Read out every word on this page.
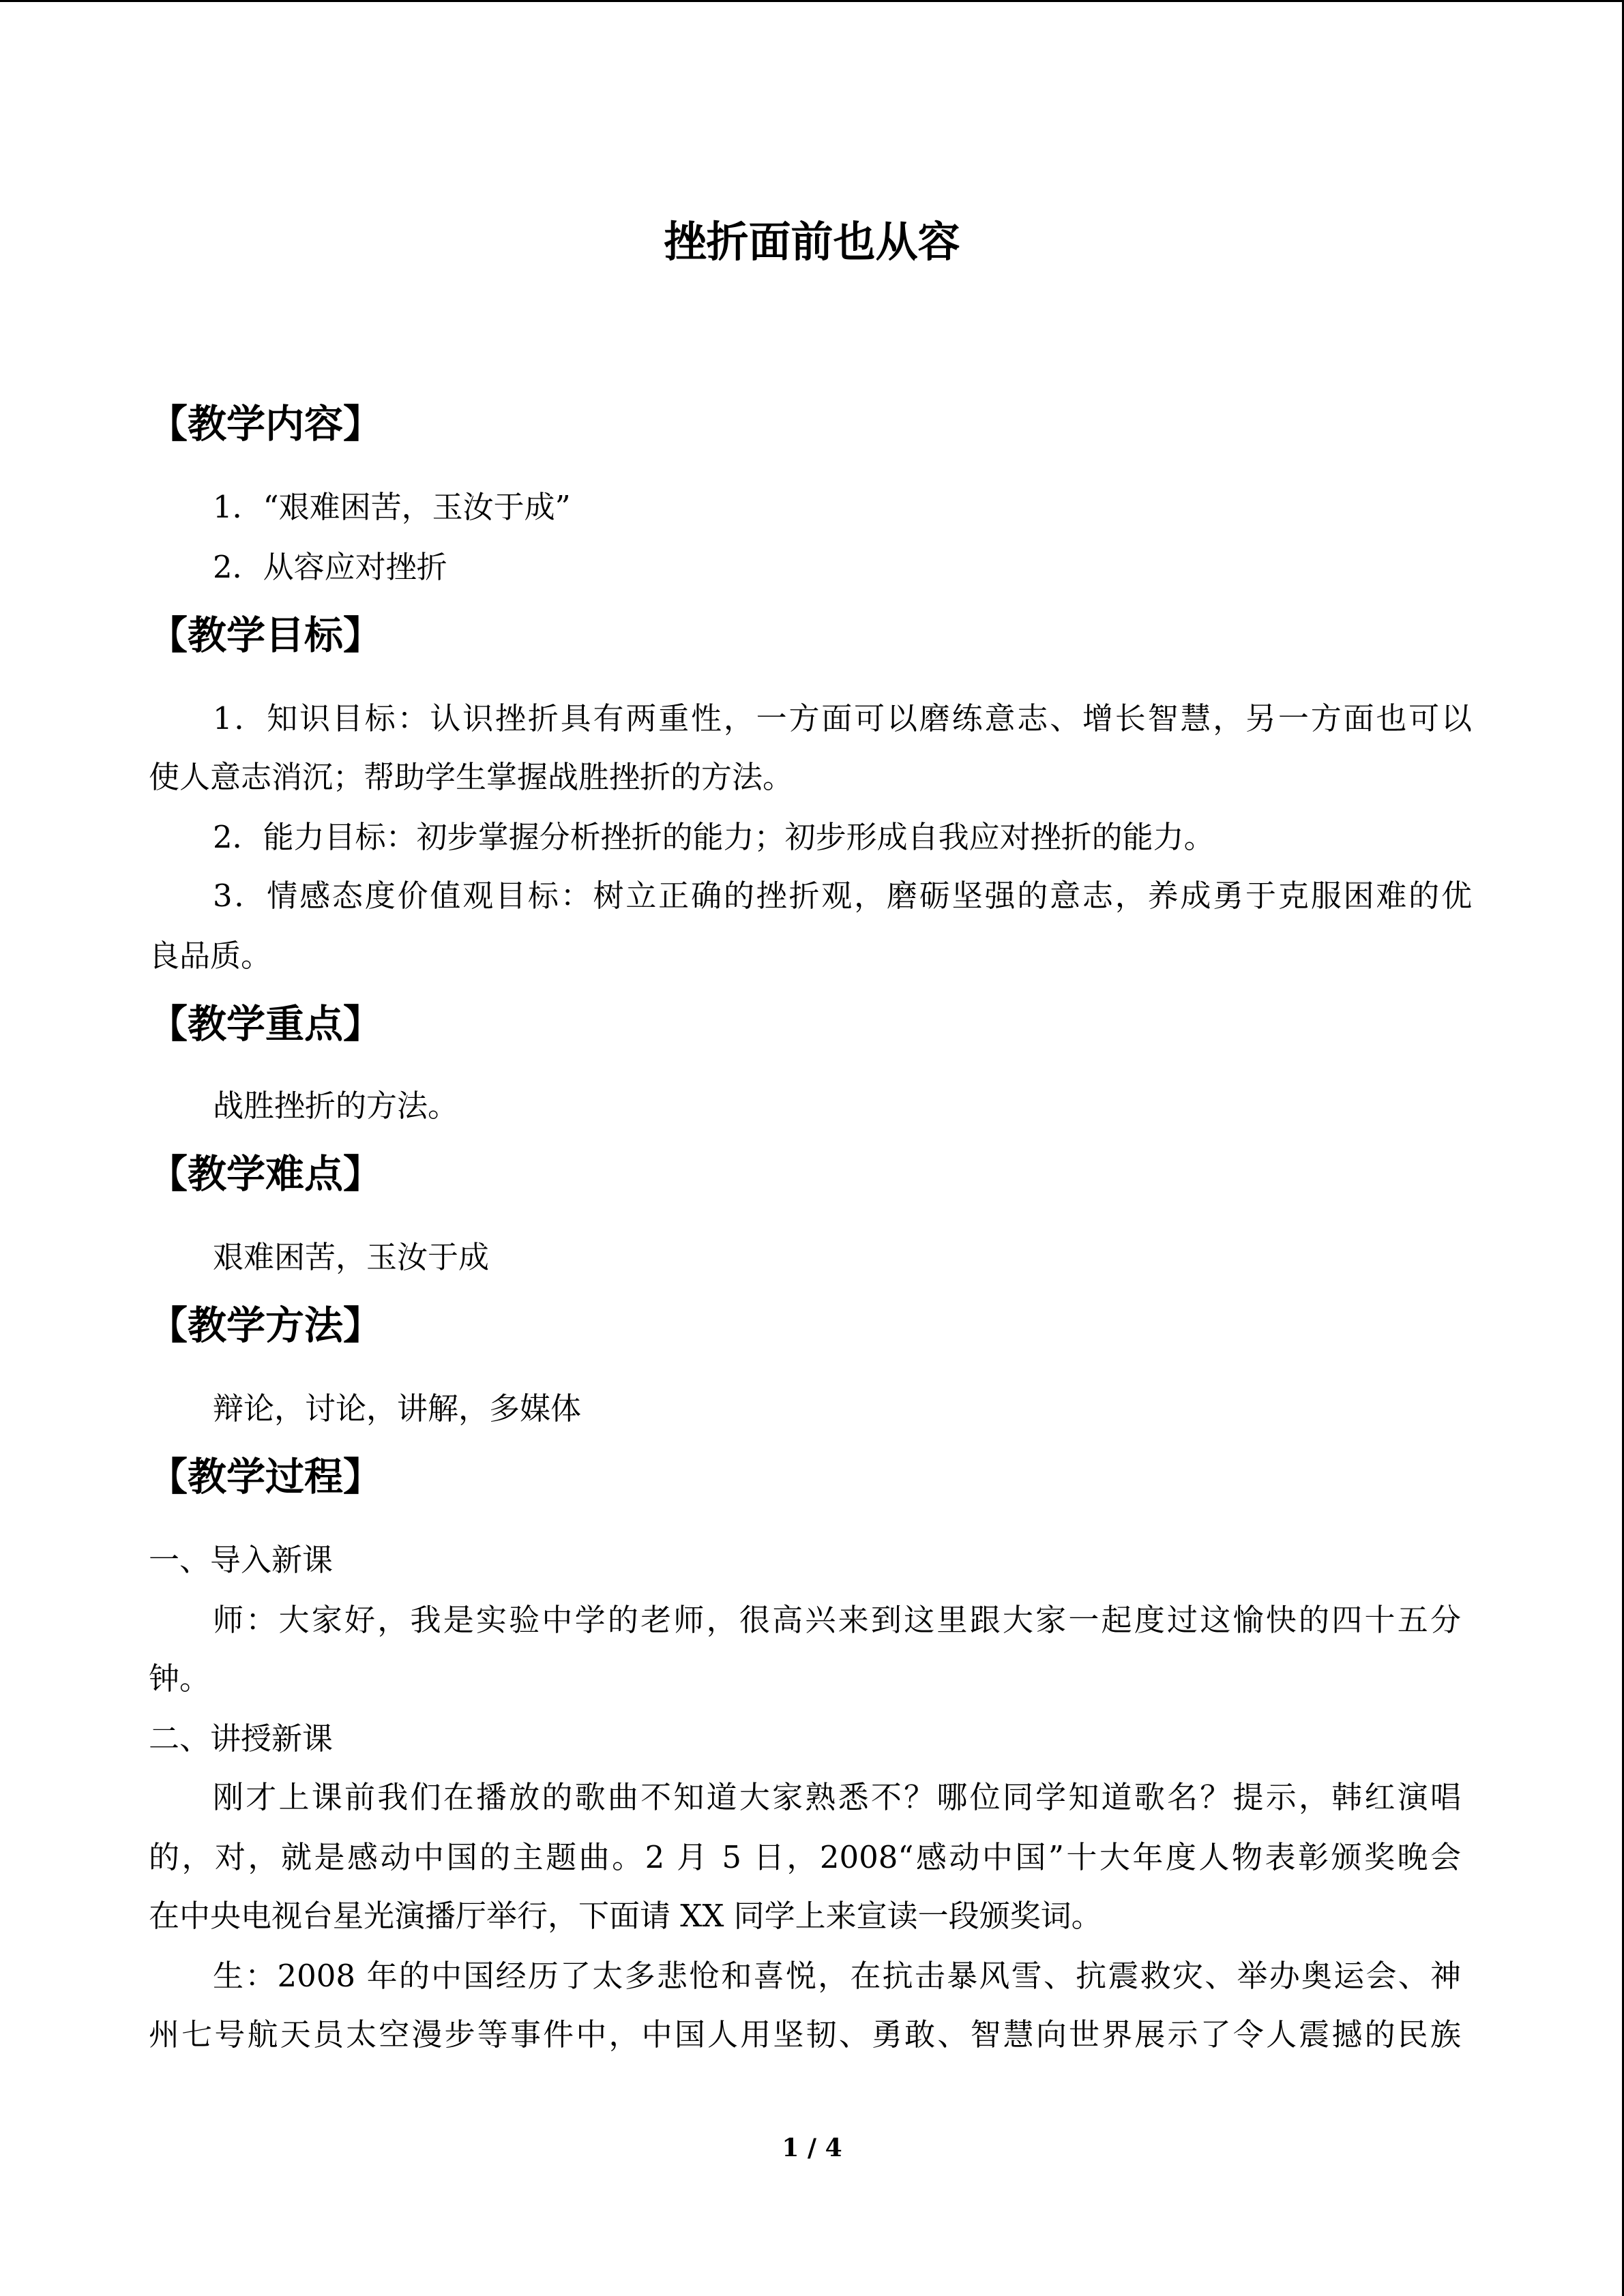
挫折面前也从容
【教学内容】
1．“艰难困苦，玉汝于成”
2．从容应对挫折
【教学目标】
1．知识目标：认识挫折具有两重性，一方面可以磨练意志、增长智慧，另一方面也可以
使人意志消沉；帮助学生掌握战胜挫折的方法。
2．能力目标：初步掌握分析挫折的能力；初步形成自我应对挫折的能力。
3．情感态度价值观目标：树立正确的挫折观，磨砺坚强的意志，养成勇于克服困难的优
良品质。
【教学重点】
战胜挫折的方法。
【教学难点】
艰难困苦，玉汝于成
【教学方法】
辩论，讨论，讲解，多媒体
【教学过程】
一、导入新课
师：大家好，我是实验中学的老师，很高兴来到这里跟大家一起度过这愉快的四十五分
钟。
二、讲授新课
刚才上课前我们在播放的歌曲不知道大家熟悉不？哪位同学知道歌名？提示，韩红演唱
的，对，就是感动中国的主题曲。2 月 5 日，2008“感动中国”十大年度人物表彰颁奖晚会
在中央电视台星光演播厅举行，下面请 XX 同学上来宣读一段颁奖词。
生：2008 年的中国经历了太多悲怆和喜悦，在抗击暴风雪、抗震救灾、举办奥运会、神
州七号航天员太空漫步等事件中，中国人用坚韧、勇敢、智慧向世界展示了令人震撼的民族
1 / 4
